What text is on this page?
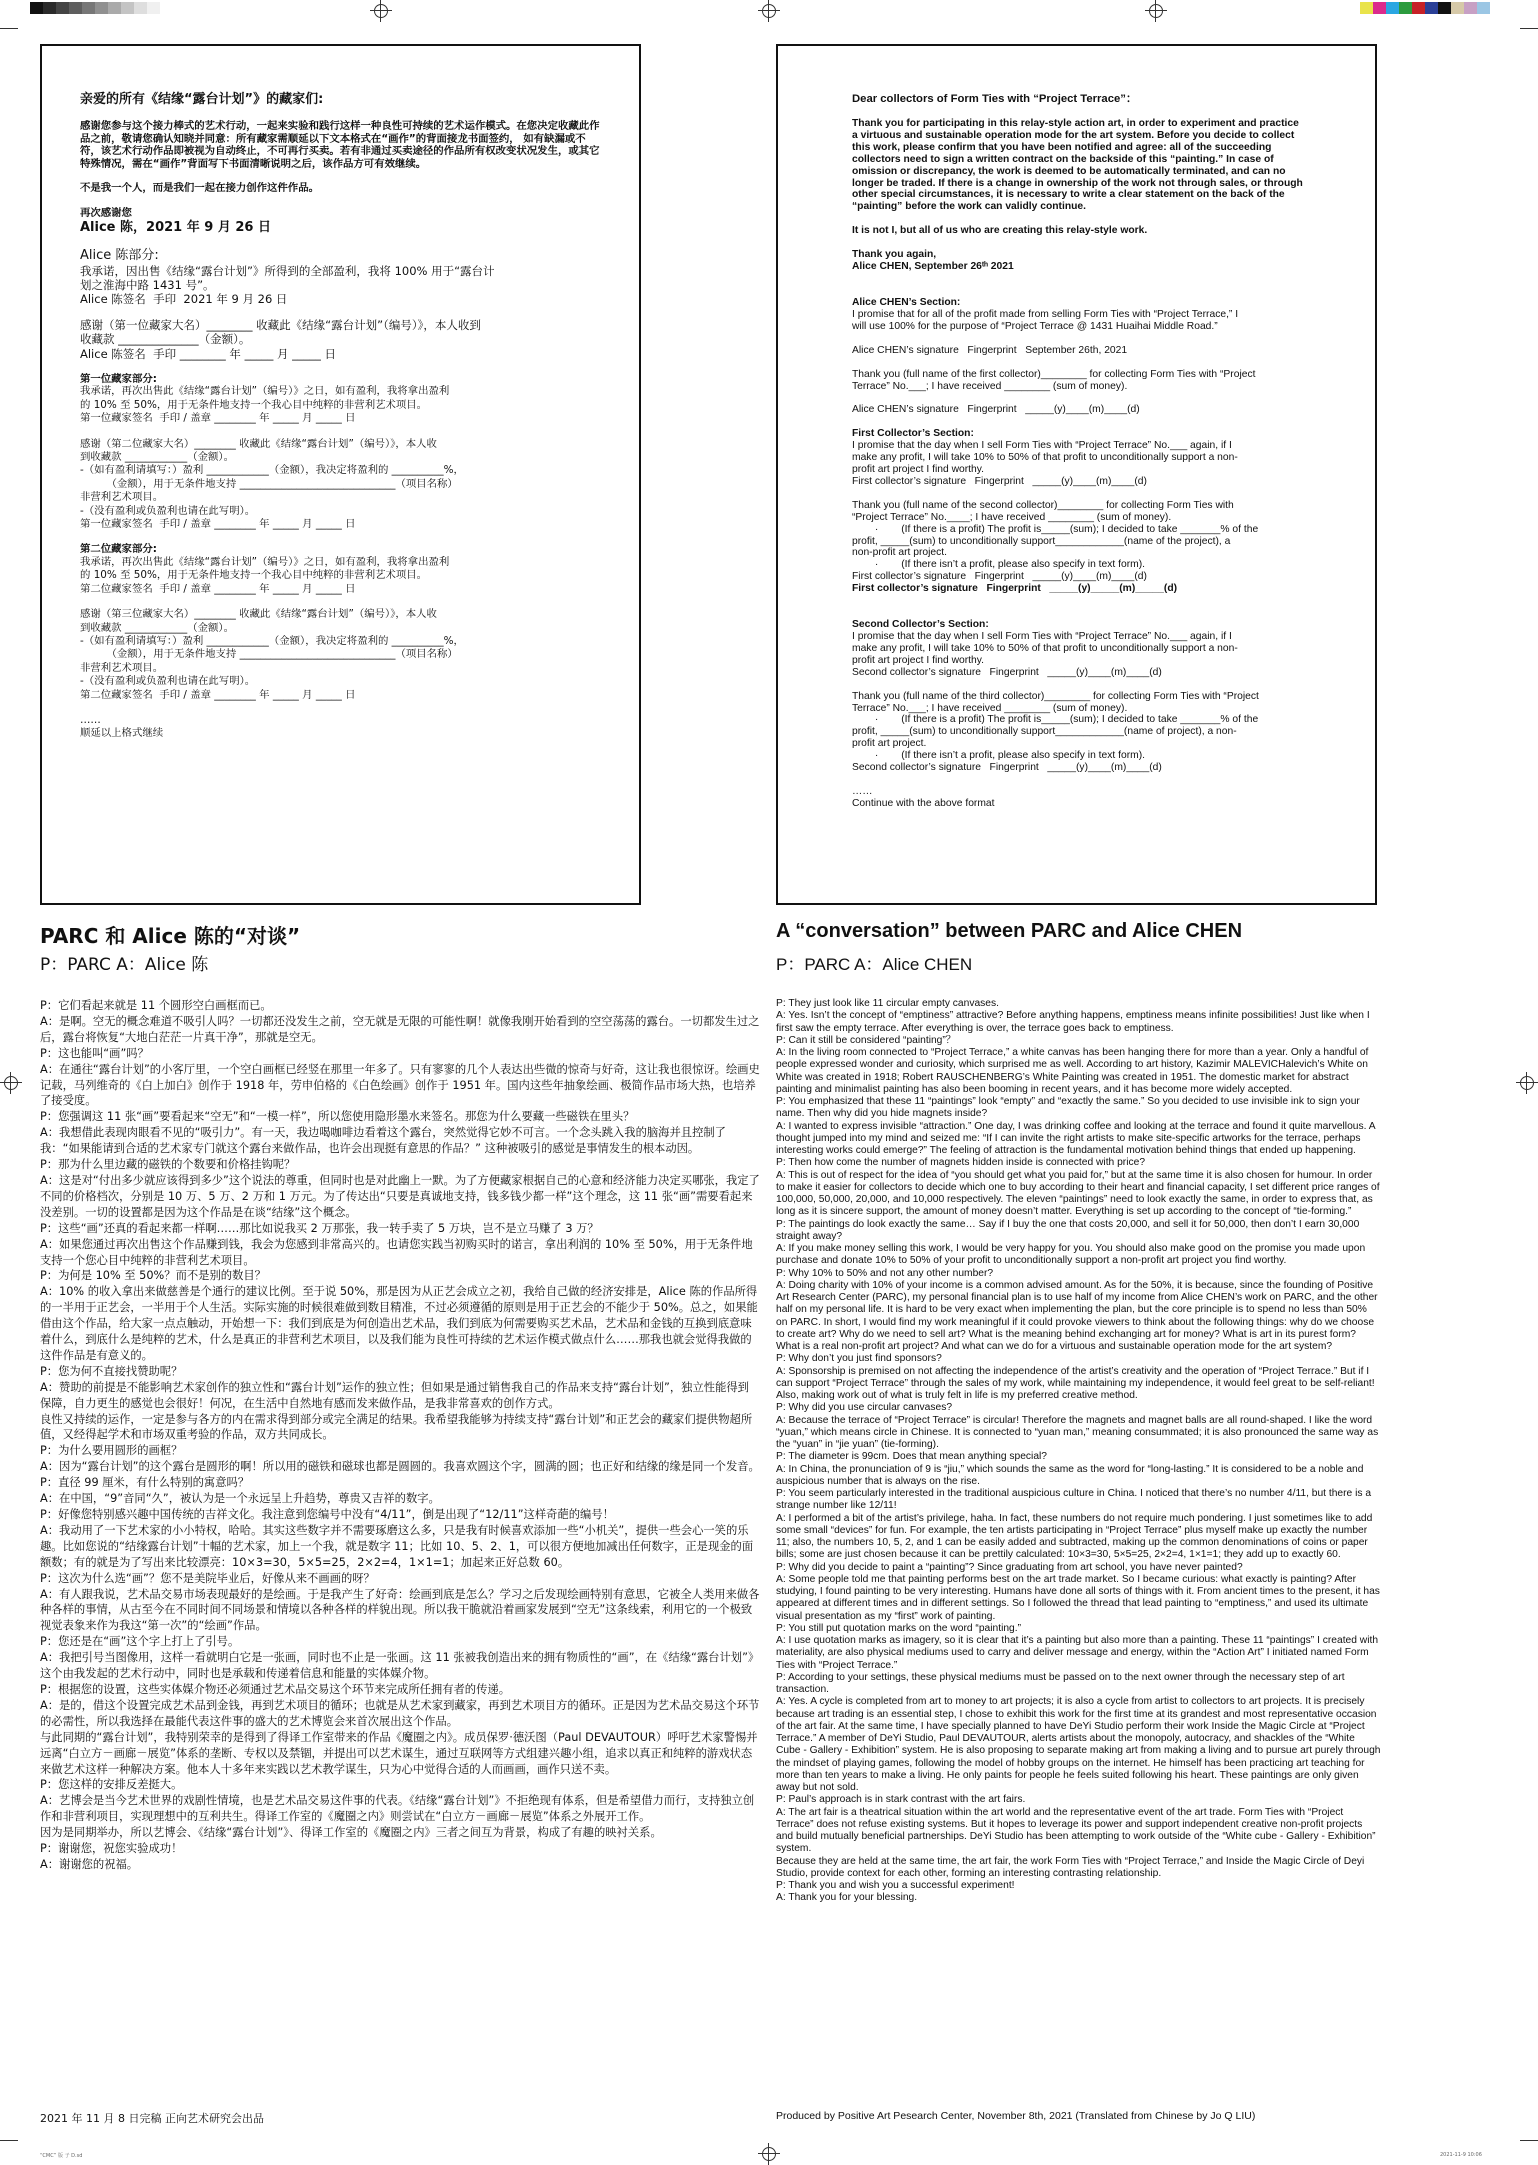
亲爱的所有《结缘“露台计划”》的藏家们:

感谢您参与这个接力棒式的艺术行动，一起来实验和践行这样一种良性可持续的艺术运作模式。在您决定收藏此作品之前，敬请您确认知晓并同意：所有藏家需顺延以下文本格式在“画作”的背面接龙书面签约， 如有缺漏或不符，该艺术行动作品即被视为自动终止，不可再行买卖。若有非通过买卖途径的作品所有权改变状况发生，或其它特殊情况，需在“画作”背面写下书面清晰说明之后，该作品方可有效继续。

不是我一个人，而是我们一起在接力创作这件作品。

再次感谢您

Alice 陈，2021 年 9 月 26 日

Alice 陈部分:

我承诺，因出售《结缘“露台计划”》所得到的全部盈利，我将 100% 用于“露台计

划之淮海中路 1431 号”。

Alice 陈签名  手印  2021 年 9 月 26 日

感谢（第一位藏家大名）________ 收藏此《结缘“露台计划”（编号）》，本人收到

收藏款 ______________（金额）。

Alice 陈签名  手印 ________ 年 _____ 月 _____ 日

第一位藏家部分:

我承诺，再次出售此《结缘“露台计划”（编号）》之日，如有盈利，我将拿出盈利

的 10% 至 50%，用于无条件地支持一个我心目中纯粹的非营利艺术项目。

第一位藏家签名  手印 / 盖章 ________ 年 _____ 月 _____ 日

感谢（第二位藏家大名）________ 收藏此《结缘“露台计划”（编号）》，本人收

到收藏款 ____________（金额）。

-（如有盈利请填写：）盈利 ____________（金额），我决定将盈利的 __________%，

（金额），用于无条件地支持 ______________________________（项目名称）

非营利艺术项目。

-（没有盈利或负盈利也请在此写明）。

第一位藏家签名  手印 / 盖章 ________ 年 _____ 月 _____ 日

第二位藏家部分:

我承诺，再次出售此《结缘“露台计划”（编号）》之日，如有盈利，我将拿出盈利

的 10% 至 50%，用于无条件地支持一个我心目中纯粹的非营利艺术项目。

第二位藏家签名  手印 / 盖章 ________ 年 _____ 月 _____ 日

感谢（第三位藏家大名）________ 收藏此《结缘“露台计划”（编号）》，本人收

到收藏款 ____________（金额）。

-（如有盈利请填写：）盈利 ____________（金额），我决定将盈利的 __________%，

（金额），用于无条件地支持 ______________________________（项目名称）

非营利艺术项目。

-（没有盈利或负盈利也请在此写明）。

第二位藏家签名  手印 / 盖章 ________ 年 _____ 月 _____ 日

……

顺延以上格式继续

Dear collectors of Form Ties with “Project Terrace”：

Thank you for participating in this relay-style action art, in order to experiment and practice a virtuous and sustainable operation mode for the art system. Before you decide to collect this work, please confirm that you have been notified and agree: all of the succeeding collectors need to sign a written contract on the backside of this “painting.” In case of omission or discrepancy, the work is deemed to be automatically terminated, and can no longer be traded. If there is a change in ownership of the work not through sales, or through other special circumstances, it is necessary to write a clear statement on the back of the “painting” before the work can validly continue.

It is not I, but all of us who are creating this relay-style work.

Thank you again,

Alice CHEN, September 26ᵗʰ 2021

Alice CHEN’s Section:

I promise that for all of the profit made from selling Form Ties with “Project Terrace,” I

will use 100% for the purpose of “Project Terrace @ 1431 Huaihai Middle Road.”

Alice CHEN’s signature   Fingerprint   September 26th, 2021

Thank you (full name of the first collector)________ for collecting Form Ties with “Project

Terrace” No.___; I have received ________ (sum of money).

Alice CHEN’s signature   Fingerprint   _____(y)____(m)____(d)

First Collector’s Section:

I promise that the day when I sell Form Ties with “Project Terrace” No.___ again, if I

make any profit, I will take 10% to 50% of that profit to unconditionally support a non-

profit art project I find worthy.

First collector’s signature   Fingerprint   _____(y)____(m)____(d)

Thank you (full name of the second collector)________ for collecting Form Ties with

“Project Terrace” No.____; I have received ________ (sum of money).

·        (If there is a profit) The profit is_____(sum); I decided to take _______% of the

profit, _____(sum) to unconditionally support____________(name of the project), a

non-profit art project.

·        (If there isn’t a profit, please also specify in text form).

First collector’s signature   Fingerprint   _____(y)____(m)____(d)

First collector’s signature   Fingerprint   _____(y)_____(m)_____(d)

Second Collector’s Section:

I promise that the day when I sell Form Ties with “Project Terrace” No.___ again, if I

make any profit, I will take 10% to 50% of that profit to unconditionally support a non-

profit art project I find worthy.

Second collector’s signature   Fingerprint   _____(y)____(m)____(d)

Thank you (full name of the third collector)________ for collecting Form Ties with “Project

Terrace” No.___; I have received ________ (sum of money).

·        (If there is a profit) The profit is_____(sum); I decided to take _______% of the

profit, _____(sum) to unconditionally support____________(name of project), a non-

profit art project.

·        (If there isn’t a profit, please also specify in text form).

Second collector’s signature   Fingerprint   _____(y)____(m)____(d)

……

Continue with the above format

PARC 和 Alice 陈的“对谈”
P：PARC A：Alice 陈

P：它们看起来就是 11 个圆形空白画框而已。

A：是啊。空无的概念难道不吸引人吗？一切都还没发生之前，空无就是无限的可能性啊！就像我刚开始看到的空空荡荡的露台。一切都发生过之后，露台将恢复“大地白茫茫一片真干净”，那就是空无。

P：这也能叫“画”吗？

A：在通往“露台计划”的小客厅里，一个空白画框已经竖在那里一年多了。只有寥寥的几个人表达出些微的惊奇与好奇，这让我也很惊讶。绘画史记载，马列维奇的《白上加白》创作于 1918 年，劳申伯格的《白色绘画》创作于 1951 年。国内这些年抽象绘画、极简作品市场大热，也培养了接受度。

P：您强调这 11 张“画”要看起来“空无”和“一模一样”，所以您使用隐形墨水来签名。那您为什么要藏一些磁铁在里头？

A：我想借此表现肉眼看不见的“吸引力”。有一天，我边喝咖啡边看着这个露台，突然觉得它妙不可言。一个念头跳入我的脑海并且控制了我：“如果能请到合适的艺术家专门就这个露台来做作品，也许会出现挺有意思的作品？” 这种被吸引的感觉是事情发生的根本动因。

P：那为什么里边藏的磁铁的个数要和价格挂钩呢？

A：这是对“付出多少就应该得到多少”这个说法的尊重，但同时也是对此幽上一默。为了方便藏家根据自己的心意和经济能力决定买哪张，我定了不同的价格档次，分别是 10 万、5 万、2 万和 1 万元。为了传达出“只要是真诚地支持，钱多钱少都一样”这个理念，这 11 张“画”需要看起来没差别。一切的设置都是因为这个作品是在谈“结缘”这个概念。

P：这些“画”还真的看起来都一样啊……那比如说我买 2 万那张，我一转手卖了 5 万块，岂不是立马赚了 3 万？

A：如果您通过再次出售这个作品赚到钱，我会为您感到非常高兴的。也请您实践当初购买时的诺言，拿出利润的 10% 至 50%，用于无条件地支持一个您心目中纯粹的非营利艺术项目。

P：为何是 10% 至 50%？而不是别的数目？

A：10% 的收入拿出来做慈善是个通行的建议比例。至于说 50%，那是因为从正艺会成立之初，我给自己做的经济安排是，Alice 陈的作品所得的一半用于正艺会，一半用于个人生活。实际实施的时候很难做到数目精准，不过必须遵循的原则是用于正艺会的不能少于 50%。总之，如果能借由这个作品，给大家一点点触动，开始想一下：我们到底是为何创造出艺术品，我们到底为何需要购买艺术品，艺术品和金钱的互换到底意味着什么，到底什么是纯粹的艺术，什么是真正的非营利艺术项目，以及我们能为良性可持续的艺术运作模式做点什么……那我也就会觉得我做的这件作品是有意义的。

P：您为何不直接找赞助呢？

A：赞助的前提是不能影响艺术家创作的独立性和“露台计划”运作的独立性；但如果是通过销售我自己的作品来支持“露台计划”，独立性能得到保障，自力更生的感觉也会很好！何况，在生活中自然地有感而发来做作品，是我非常喜欢的创作方式。

良性又持续的运作，一定是参与各方的内在需求得到部分或完全满足的结果。我希望我能够为持续支持“露台计划”和正艺会的藏家们提供物超所值，又经得起学术和市场双重考验的作品，双方共同成长。

P：为什么要用圆形的画框？

A：因为“露台计划”的这个露台是圆形的啊！所以用的磁铁和磁球也都是圆圆的。我喜欢圆这个字，圆满的圆；也正好和结缘的缘是同一个发音。

P：直径 99 厘米，有什么特别的寓意吗？

A：在中国，“9”音同“久”，被认为是一个永远呈上升趋势，尊贵又吉祥的数字。

P：好像您特别感兴趣中国传统的吉祥文化。我注意到您编号中没有“4/11”，倒是出现了“12/11”这样奇葩的编号！

A：我动用了一下艺术家的小小特权，哈哈。其实这些数字并不需要琢磨这么多，只是我有时候喜欢添加一些“小机关”，提供一些会心一笑的乐趣。比如您说的“结缘露台计划”十幅的艺术家，加上一个我，就是数字 11；比如 10、5、2、1，可以很方便地加减出任何数字，正是现金的面额数；有的就是为了写出来比较漂亮：10×3=30，5×5=25，2×2=4，1×1=1；加起来正好总数 60。

P：这次为什么选“画”？您不是美院毕业后，好像从来不画画的呀？

A：有人跟我说，艺术品交易市场表现最好的是绘画。于是我产生了好奇：绘画到底是怎么？学习之后发现绘画特别有意思，它被全人类用来做各种各样的事情，从古至今在不同时间不同场景和情境以各种各样的样貌出现。所以我干脆就沿着画家发展到“空无”这条线索，利用它的一个极致视觉表象来作为我这“第一次”的“绘画”作品。

P：您还是在“画”这个字上打上了引号。

A：我把引号当图像用，这样一看就明白它是一张画，同时也不止是一张画。这 11 张被我创造出来的拥有物质性的“画”，在《结缘“露台计划”》这个由我发起的艺术行动中，同时也是承载和传递着信息和能量的实体媒介物。

P：根据您的设置，这些实体媒介物还必须通过艺术品交易这个环节来完成所任拥有者的传递。

A：是的，借这个设置完成艺术品到金钱，再到艺术项目的循环；也就是从艺术家到藏家，再到艺术项目方的循环。正是因为艺术品交易这个环节的必需性，所以我选择在最能代表这件事的盛大的艺术博览会来首次展出这个作品。

与此同期的“露台计划”，我特别荣幸的是得到了得译工作室带来的作品《魔圈之内》。成员保罗·德沃图（Paul DEVAUTOUR）呼吁艺术家警惕并远离“白立方－画廊－展览”体系的垄断、专权以及禁锢，并提出可以艺术谋生，通过互联网等方式组建兴趣小组，追求以真正和纯粹的游戏状态来做艺术这样一种解决方案。他本人十多年来实践以艺术教学谋生，只为心中觉得合适的人而画画，画作只送不卖。

P：您这样的安排反差挺大。

A：艺博会是当今艺术世界的戏剧性情境，也是艺术品交易这件事的代表。《结缘“露台计划”》不拒绝现有体系，但是希望借力而行，支持独立创作和非营利项目，实现理想中的互利共生。得译工作室的《魔圈之内》则尝试在“白立方－画廊－展览”体系之外展开工作。

因为是同期举办，所以艺博会、《结缘“露台计划”》、得译工作室的《魔圈之内》三者之间互为背景，构成了有趣的映衬关系。

P：谢谢您，祝您实验成功！

A：谢谢您的祝福。

A “conversation” between PARC and Alice CHEN
P：PARC A：Alice CHEN

P: They just look like 11 circular empty canvases.

A: Yes. Isn’t the concept of “emptiness” attractive? Before anything happens, emptiness means infinite possibilities! Just like when I first saw the empty terrace. After everything is over, the terrace goes back to emptiness.

P: Can it still be considered “painting”？

A: In the living room connected to “Project Terrace,” a white canvas has been hanging there for more than a year. Only a handful of people expressed wonder and curiosity, which surprised me as well. According to art history, Kazimir MALEVICHalevich’s White on White was created in 1918; Robert RAUSCHENBERG’s White Painting was created in 1951. The domestic market for abstract painting and minimalist painting has also been booming in recent years, and it has become more widely accepted.

P: You emphasized that these 11 “paintings” look “empty” and “exactly the same.” So you decided to use invisible ink to sign your name. Then why did you hide magnets inside?

A: I wanted to express invisible “attraction.” One day, I was drinking coffee and looking at the terrace and found it quite marvellous. A thought jumped into my mind and seized me: “If I can invite the right artists to make site-specific artworks for the terrace, perhaps interesting works could emerge?” The feeling of attraction is the fundamental motivation behind things that ended up happening.

P: Then how come the number of magnets hidden inside is connected with price?

A: This is out of respect for the idea of “you should get what you paid for,” but at the same time it is also chosen for humour. In order to make it easier for collectors to decide which one to buy according to their heart and financial capacity, I set different price ranges of 100,000, 50,000, 20,000, and 10,000 respectively. The eleven “paintings” need to look exactly the same, in order to express that, as long as it is sincere support, the amount of money doesn’t matter. Everything is set up according to the concept of “tie-forming.”

P: The paintings do look exactly the same… Say if I buy the one that costs 20,000, and sell it for 50,000, then don’t I earn 30,000 straight away?

A: If you make money selling this work, I would be very happy for you. You should also make good on the promise you made upon purchase and donate 10% to 50% of your profit to unconditionally support a non-profit art project you find worthy.

P: Why 10% to 50% and not any other number?

A: Doing charity with 10% of your income is a common advised amount. As for the 50%, it is because, since the founding of Positive Art Research Center (PARC), my personal financial plan is to use half of my income from Alice CHEN’s work on PARC, and the other half on my personal life. It is hard to be very exact when implementing the plan, but the core principle is to spend no less than 50% on PARC. In short, I would find my work meaningful if it could provoke viewers to think about the following things: why do we choose to create art? Why do we need to sell art? What is the meaning behind exchanging art for money? What is art in its purest form? What is a real non-profit art project? And what can we do for a virtuous and sustainable operation mode for the art system?

P: Why don’t you just find sponsors?

A: Sponsorship is premised on not affecting the independence of the artist’s creativity and the operation of “Project Terrace.” But if I can support “Project Terrace” through the sales of my work, while maintaining my independence, it would feel great to be self-reliant! Also, making work out of what is truly felt in life is my preferred creative method.

P: Why did you use circular canvases?

A: Because the terrace of “Project Terrace” is circular! Therefore the magnets and magnet balls are all round-shaped. I like the word “yuan,” which means circle in Chinese. It is connected to “yuan man,” meaning consummated; it is also pronounced the same way as the “yuan” in “jie yuan” (tie-forming).

P: The diameter is 99cm. Does that mean anything special?

A: In China, the pronunciation of 9 is “jiu,” which sounds the same as the word for “long-lasting.” It is considered to be a noble and auspicious number that is always on the rise.

P: You seem particularly interested in the traditional auspicious culture in China. I noticed that there’s no number 4/11, but there is a strange number like 12/11!

A: I performed a bit of the artist’s privilege, haha. In fact, these numbers do not require much pondering. I just sometimes like to add some small “devices” for fun. For example, the ten artists participating in “Project Terrace” plus myself make up exactly the number 11; also, the numbers 10, 5, 2, and 1 can be easily added and subtracted, making up the common denominations of coins or paper bills; some are just chosen because it can be prettily calculated: 10×3=30, 5×5=25, 2×2=4, 1×1=1; they add up to exactly 60.

P: Why did you decide to paint a “painting”? Since graduating from art school, you have never painted?

A: Some people told me that painting performs best on the art trade market. So I became curious: what exactly is painting? After studying, I found painting to be very interesting. Humans have done all sorts of things with it. From ancient times to the present, it has appeared at different times and in different settings. So I followed the thread that lead painting to “emptiness,” and used its ultimate visual presentation as my “first” work of painting.

P: You still put quotation marks on the word “painting.”

A: I use quotation marks as imagery, so it is clear that it’s a painting but also more than a painting. These 11 “paintings” I created with materiality, are also physical mediums used to carry and deliver message and energy, within the “Action Art” I initiated named Form Ties with “Project Terrace.”

P: According to your settings, these physical mediums must be passed on to the next owner through the necessary step of art transaction.

A: Yes. A cycle is completed from art to money to art projects; it is also a cycle from artist to collectors to art projects. It is precisely because art trading is an essential step, I chose to exhibit this work for the first time at its grandest and most representative occasion of the art fair. At the same time, I have specially planned to have DeYi Studio perform their work Inside the Magic Circle at “Project Terrace.” A member of DeYi Studio, Paul DEVAUTOUR, alerts artists about the monopoly, autocracy, and shackles of the “White Cube - Gallery - Exhibition” system. He is also proposing to separate making art from making a living and to pursue art purely through the mindset of playing games, following the model of hobby groups on the internet. He himself has been practicing art teaching for more than ten years to make a living. He only paints for people he feels suited following his heart. These paintings are only given away but not sold.

P: Paul’s approach is in stark contrast with the art fairs.

A: The art fair is a theatrical situation within the art world and the representative event of the art trade. Form Ties with “Project Terrace” does not refuse existing systems. But it hopes to leverage its power and support independent creative non-profit projects and build mutually beneficial partnerships. DeYi Studio has been attempting to work outside of the “White cube - Gallery - Exhibition” system.

Because they are held at the same time, the art fair, the work Form Ties with “Project Terrace,” and Inside the Magic Circle of Deyi Studio, provide context for each other, forming an interesting contrasting relationship.

P: Thank you and wish you a successful experiment!

A: Thank you for your blessing.

2021 年 11 月 8 日完稿 正向艺术研究会出品	Produced by Positive Art Pesearch Center, November 8th, 2021 (Translated from Chinese by Jo Q LIU)
“CMC” 版 子 D.sd	2021-11-9 10:06
